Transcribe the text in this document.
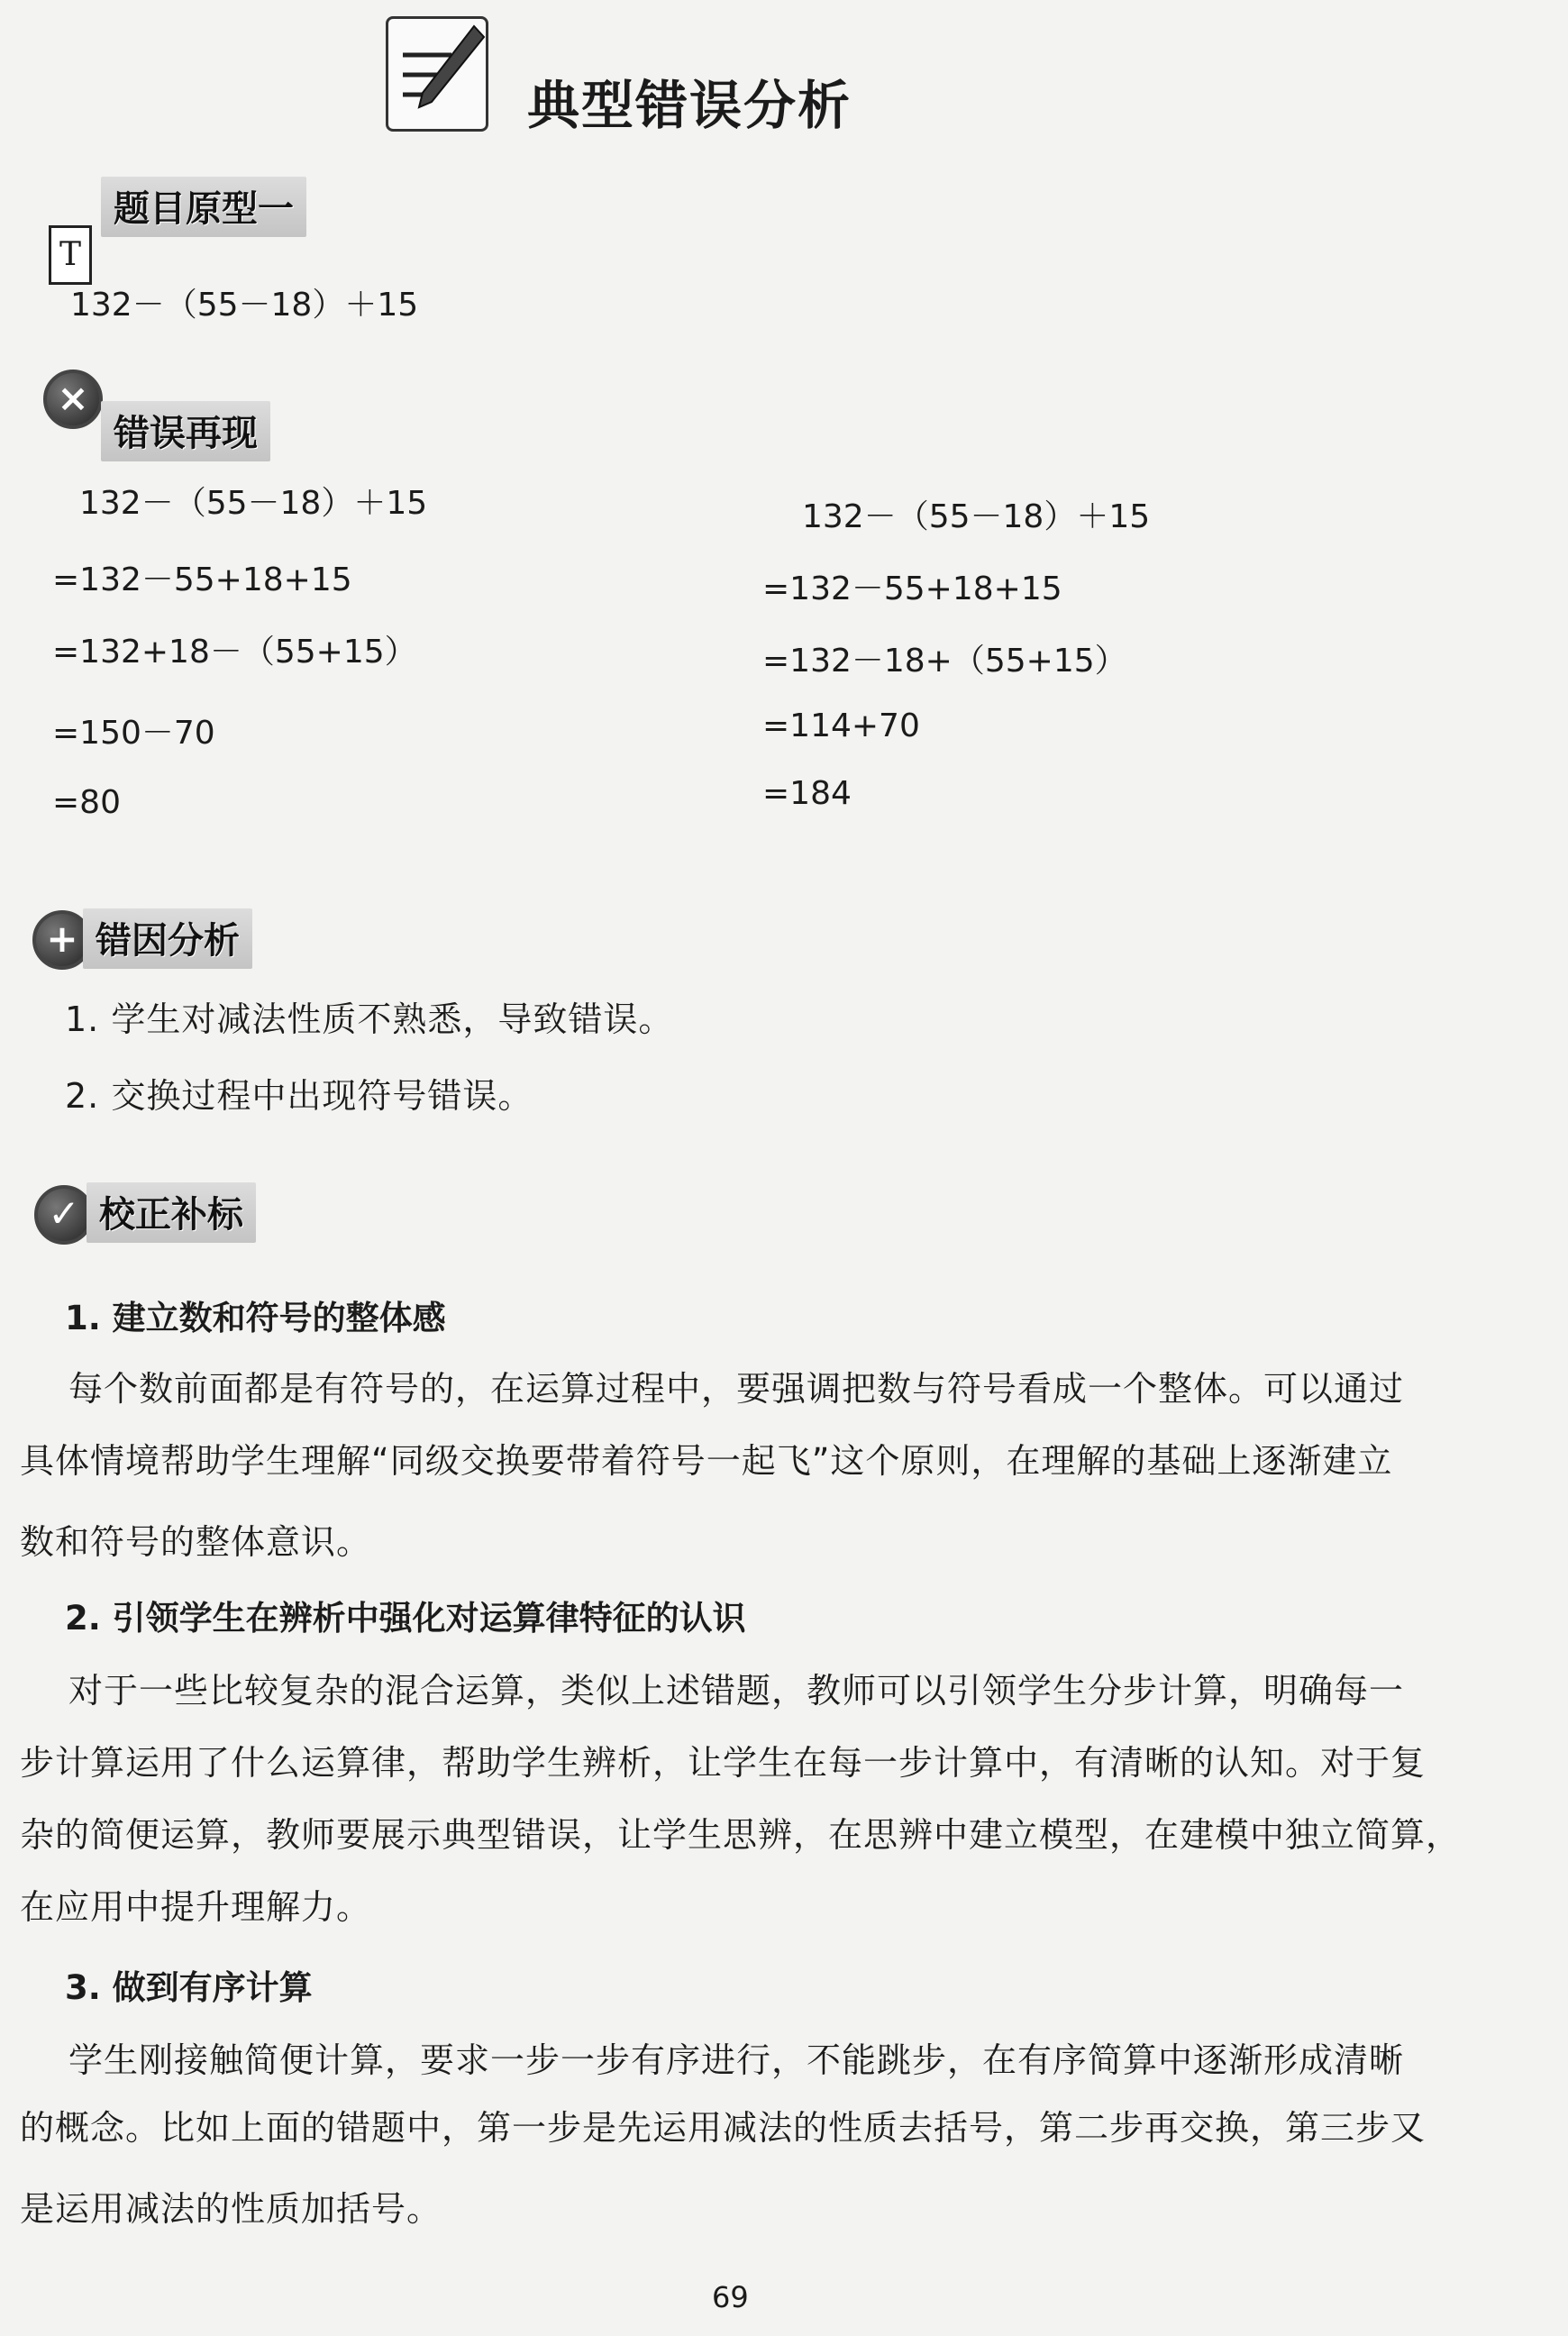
典型错误分析
T
题目原型一
132－（55－18）＋15
×
错误再现
132－（55－18）＋15
=132－55+18+15
=132+18－（55+15）
=150－70
=80
132－（55－18）＋15
=132－55+18+15
=132－18+（55+15）
=114+70
=184
+ 错因分析
1. 学生对减法性质不熟悉，导致错误。
2. 交换过程中出现符号错误。
✓ 校正补标
1. 建立数和符号的整体感
每个数前面都是有符号的，在运算过程中，要强调把数与符号看成一个整体。可以通过
具体情境帮助学生理解“同级交换要带着符号一起飞”这个原则，在理解的基础上逐渐建立
数和符号的整体意识。
2. 引领学生在辨析中强化对运算律特征的认识
对于一些比较复杂的混合运算，类似上述错题，教师可以引领学生分步计算，明确每一
步计算运用了什么运算律，帮助学生辨析，让学生在每一步计算中，有清晰的认知。对于复
杂的简便运算，教师要展示典型错误，让学生思辨，在思辨中建立模型，在建模中独立简算，
在应用中提升理解力。
3. 做到有序计算
学生刚接触简便计算，要求一步一步有序进行，不能跳步，在有序简算中逐渐形成清晰
的概念。比如上面的错题中，第一步是先运用减法的性质去括号，第二步再交换，第三步又
是运用减法的性质加括号。
69
